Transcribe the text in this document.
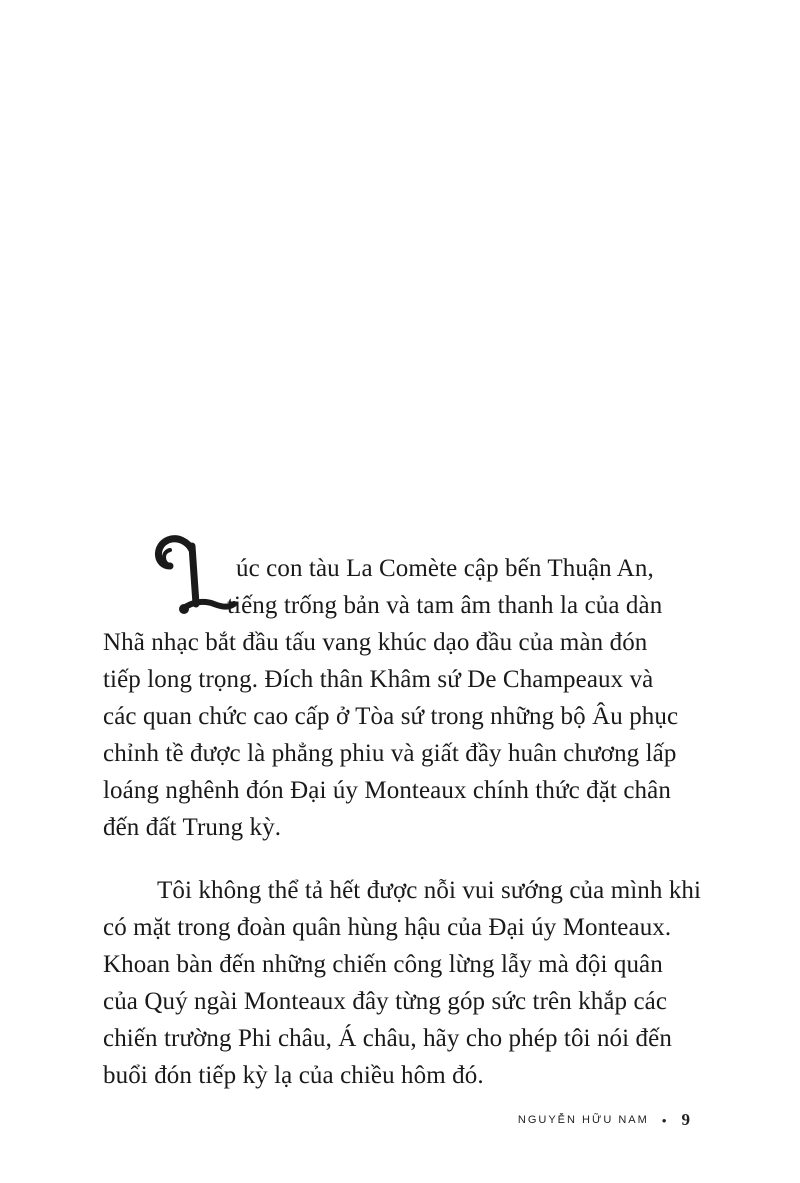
úc con tàu La Comète cập bến Thuận An,
tiếng trống bản và tam âm thanh la của dàn
Nhã nhạc bắt đầu tấu vang khúc dạo đầu của màn đón
tiếp long trọng. Đích thân Khâm sứ De Champeaux và
các quan chức cao cấp ở Tòa sứ trong những bộ Âu phục
chỉnh tề được là phẳng phiu và giất đầy huân chương lấp
loáng nghênh đón Đại úy Monteaux chính thức đặt chân
đến đất Trung kỳ.
Tôi không thể tả hết được nỗi vui sướng của mình khi
có mặt trong đoàn quân hùng hậu của Đại úy Monteaux.
Khoan bàn đến những chiến công lừng lẫy mà đội quân
của Quý ngài Monteaux đây từng góp sức trên khắp các
chiến trường Phi châu, Á châu, hãy cho phép tôi nói đến
buổi đón tiếp kỳ lạ của chiều hôm đó.
NGUYỄN HỮU NAM • 9
